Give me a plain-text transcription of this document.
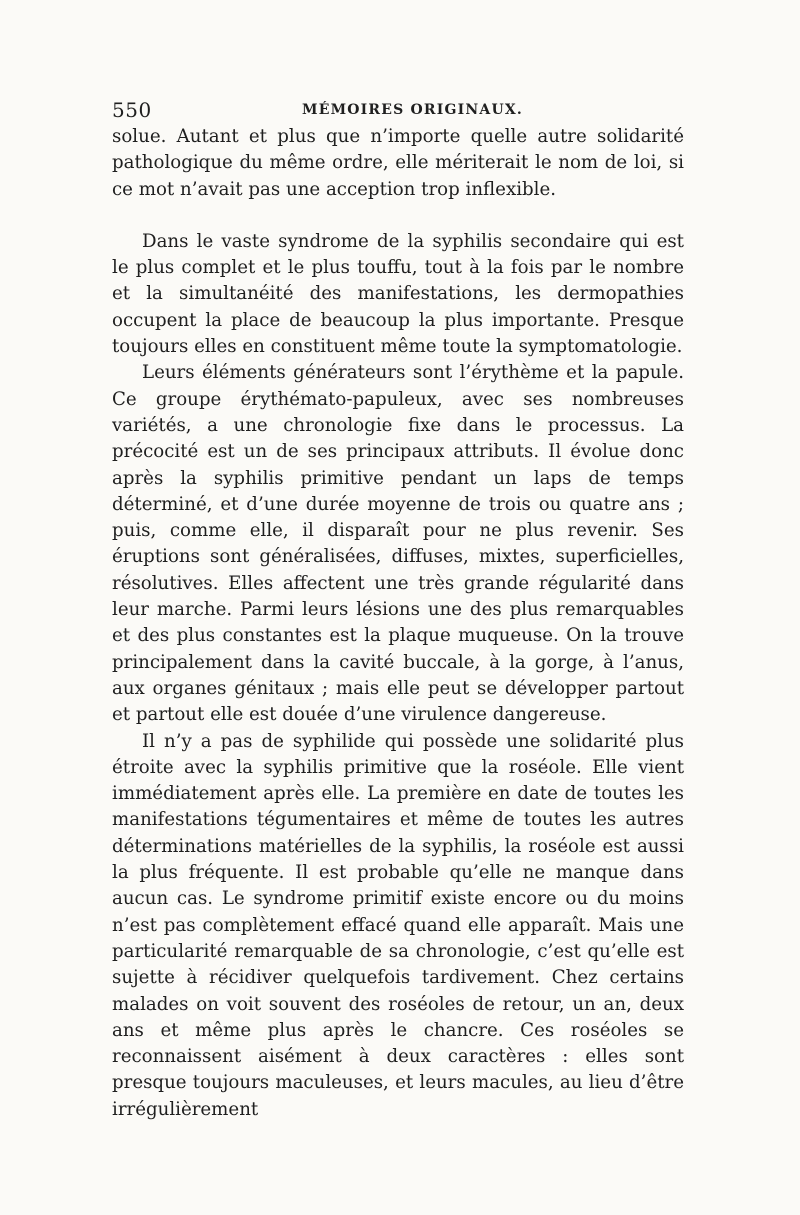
550	MÉMOIRES ORIGINAUX.

solue. Autant et plus que n’importe quelle autre solidarité pathologique du même ordre, elle mériterait le nom de loi, si ce mot n’avait pas une acception trop inflexible.

Dans le vaste syndrome de la syphilis secondaire qui est le plus complet et le plus touffu, tout à la fois par le nombre et la simultanéité des manifestations, les dermopathies occupent la place de beaucoup la plus importante. Presque toujours elles en constituent même toute la symptomatologie.

Leurs éléments générateurs sont l’érythème et la papule. Ce groupe érythémato-papuleux, avec ses nombreuses variétés, a une chronologie fixe dans le processus. La précocité est un de ses principaux attributs. Il évolue donc après la syphilis primitive pendant un laps de temps déterminé, et d’une durée moyenne de trois ou quatre ans ; puis, comme elle, il disparaît pour ne plus revenir. Ses éruptions sont généralisées, diffuses, mixtes, superficielles, résolutives. Elles affectent une très grande régularité dans leur marche. Parmi leurs lésions une des plus remarquables et des plus constantes est la plaque muqueuse. On la trouve principalement dans la cavité buccale, à la gorge, à l’anus, aux organes génitaux ; mais elle peut se développer partout et partout elle est douée d’une virulence dangereuse.

Il n’y a pas de syphilide qui possède une solidarité plus étroite avec la syphilis primitive que la roséole. Elle vient immédiatement après elle. La première en date de toutes les manifestations tégumentaires et même de toutes les autres déterminations matérielles de la syphilis, la roséole est aussi la plus fréquente. Il est probable qu’elle ne manque dans aucun cas. Le syndrome primitif existe encore ou du moins n’est pas complètement effacé quand elle apparaît. Mais une particularité remarquable de sa chronologie, c’est qu’elle est sujette à récidiver quelquefois tardivement. Chez certains malades on voit souvent des roséoles de retour, un an, deux ans et même plus après le chancre. Ces roséoles se reconnaissent aisément à deux caractères : elles sont presque toujours maculeuses, et leurs macules, au lieu d’être irrégulièrement
